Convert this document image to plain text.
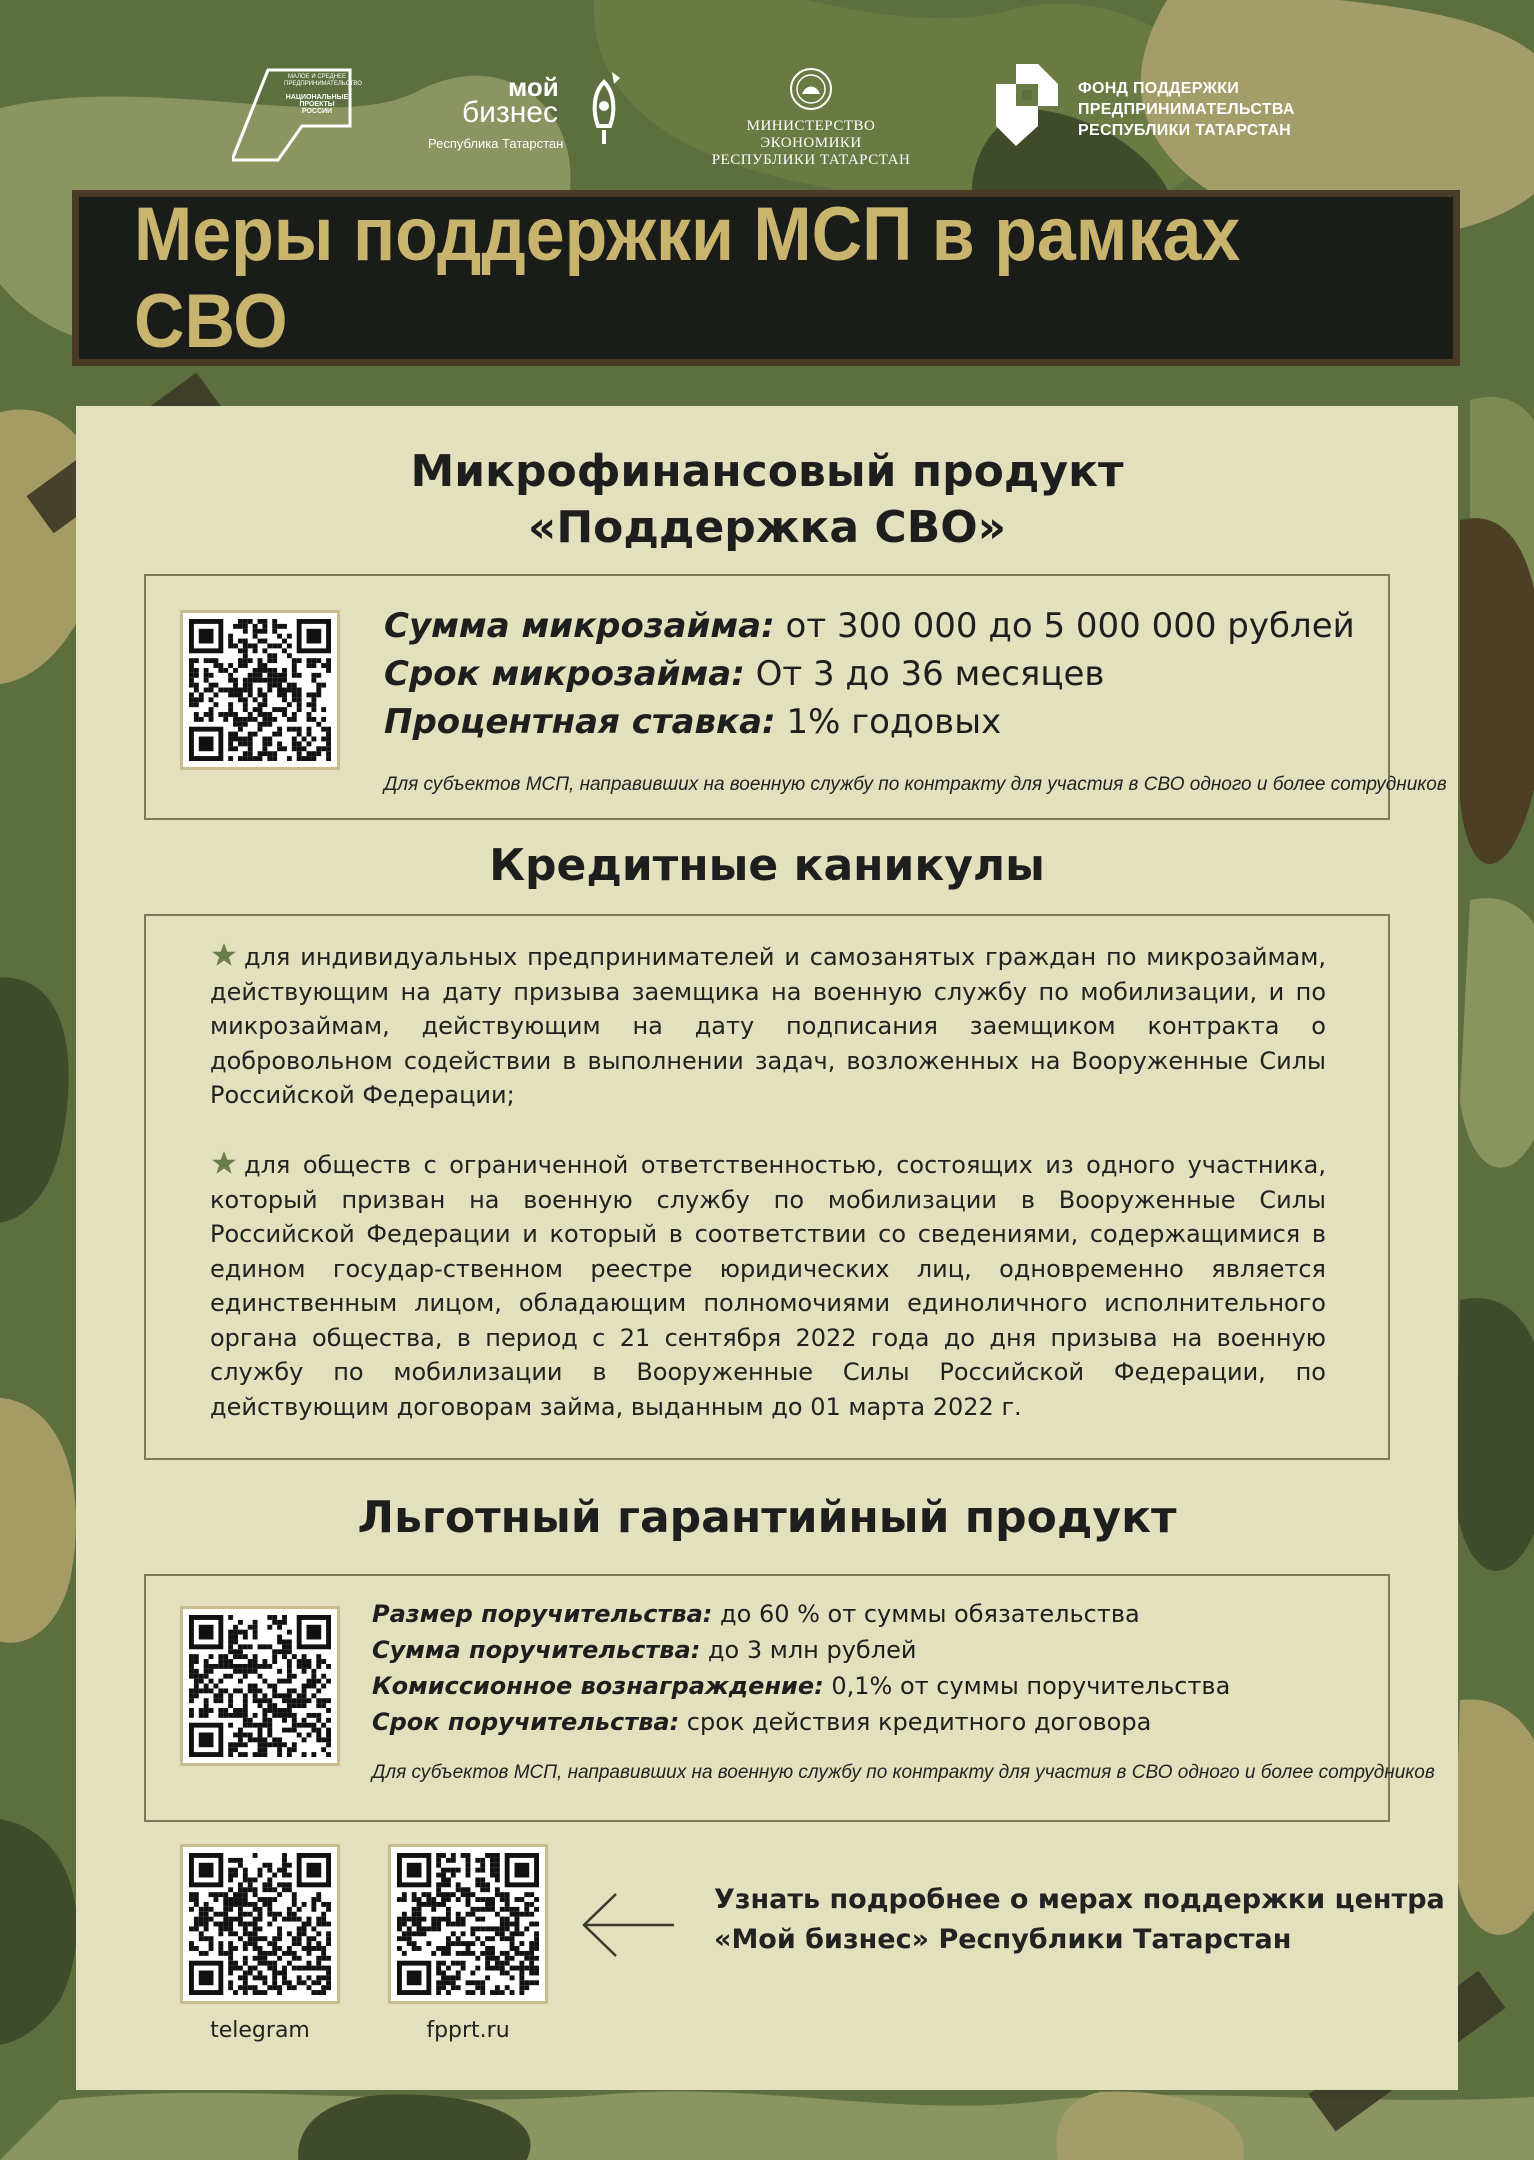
МАЛОЕ И СРЕДНЕЕ
ПРЕДПРИНИМАТЕЛЬСТВО
НАЦИОНАЛЬНЫЕ
ПРОЕКТЫ
РОССИИ
мой
бизнес
Республика Татарстан
МИНИСТЕРСТВО ЭКОНОМИКИ
РЕСПУБЛИКИ ТАТАРСТАН
ФОНД ПОДДЕРЖКИ
ПРЕДПРИНИМАТЕЛЬСТВА
РЕСПУБЛИКИ ТАТАРСТАН
Меры поддержки МСП в рамках СВО
Микрофинансовый продукт
«Поддержка СВО»
Сумма микрозайма: от 300 000 до 5 000 000 рублей
Срок микрозайма: От 3 до 36 месяцев
Процентная ставка: 1% годовых
Для субъектов МСП, направивших на военную службу по контракту для участия в СВО одного и более сотрудников
Кредитные каникулы
для индивидуальных предпринимателей и самозанятых граждан по микрозаймам, действующим на дату призыва заемщика на военную службу по мобилизации, и по микрозаймам, действующим на дату подписания заемщиком контракта о добровольном содействии в выполнении задач, возложенных на Вооруженные Силы Российской Федерации;
для обществ с ограниченной ответственностью, состоящих из одного участника, который призван на военную службу по мобилизации в Вооруженные Силы Российской Федерации и который в соответствии со сведениями, содержащимися в едином государ-ственном реестре юридических лиц, одновременно является единственным лицом, обладающим полномочиями единоличного исполнительного органа общества, в период с 21 сентября 2022 года до дня призыва на военную службу по мобилизации в Вооруженные Силы Российской Федерации, по действующим договорам займа, выданным до 01 марта 2022 г.
Льготный гарантийный продукт
Размер поручительства: до 60 % от суммы обязательства
Сумма поручительства: до 3 млн рублей
Комиссионное вознаграждение: 0,1% от суммы поручительства
Срок поручительства: срок действия кредитного договора
Для субъектов МСП, направивших на военную службу по контракту для участия в СВО одного и более сотрудников
telegram	fpprt.ru
Узнать подробнее о мерах поддержки центра
«Мой бизнес» Республики Татарстан
